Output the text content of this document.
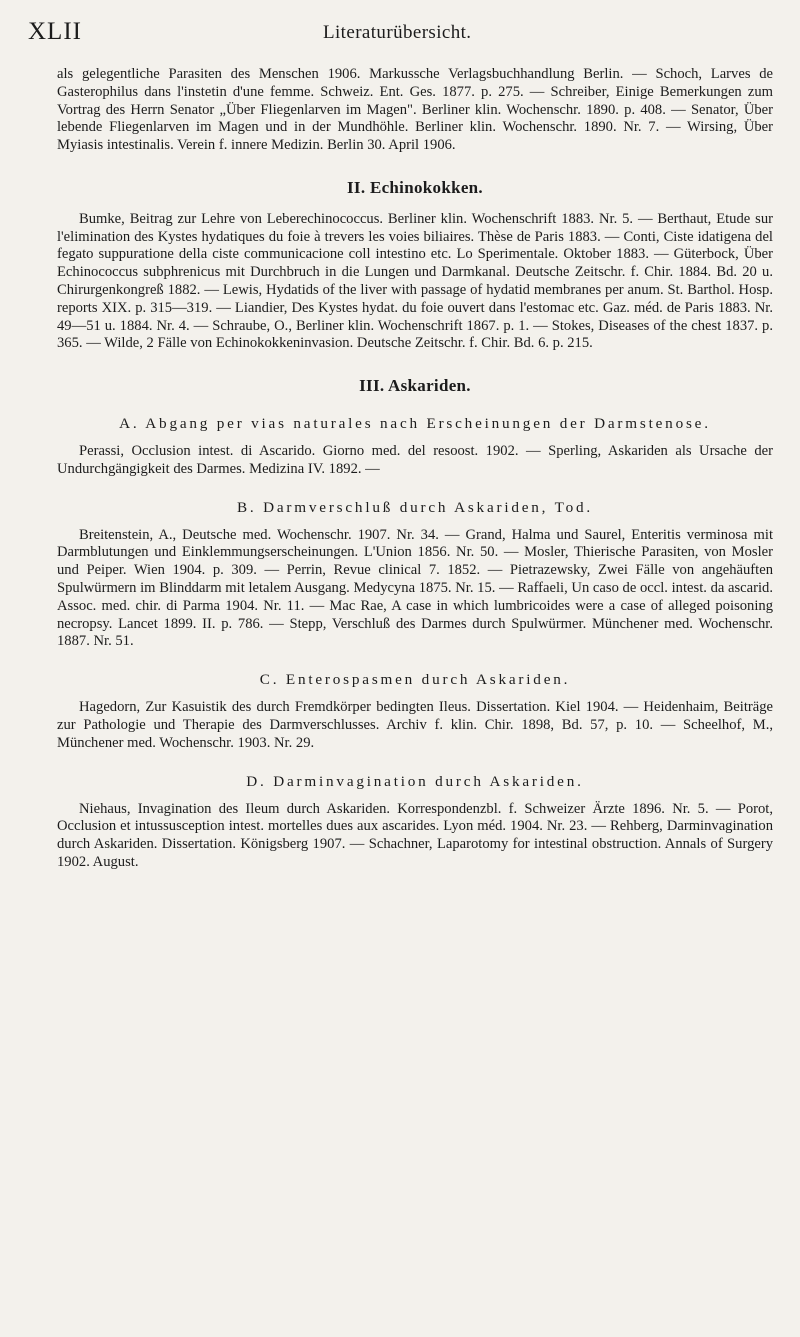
XLII	Literaturübersicht.

als gelegentliche Parasiten des Menschen 1906. Markussche Verlagsbuchhandlung Berlin. — Schoch, Larves de Gasterophilus dans l'instetin d'une femme. Schweiz. Ent. Ges. 1877. p. 275. — Schreiber, Einige Bemerkungen zum Vortrag des Herrn Senator „Über Fliegenlarven im Magen". Berliner klin. Wochenschr. 1890. p. 408. — Senator, Über lebende Fliegenlarven im Magen und in der Mundhöhle. Berliner klin. Wochenschr. 1890. Nr. 7. — Wirsing, Über Myiasis intestinalis. Verein f. innere Medizin. Berlin 30. April 1906.

II. Echinokokken.

Bumke, Beitrag zur Lehre von Leberechinococcus. Berliner klin. Wochenschrift 1883. Nr. 5. — Berthaut, Etude sur l'elimination des Kystes hydatiques du foie à trevers les voies biliaires. Thèse de Paris 1883. — Conti, Ciste idatigena del fegato suppuratione della ciste communicacione coll intestino etc. Lo Sperimentale. Oktober 1883. — Güterbock, Über Echinococcus subphrenicus mit Durchbruch in die Lungen und Darmkanal. Deutsche Zeitschr. f. Chir. 1884. Bd. 20 u. Chirurgenkongreß 1882. — Lewis, Hydatids of the liver with passage of hydatid membranes per anum. St. Barthol. Hosp. reports XIX. p. 315—319. — Liandier, Des Kystes hydat. du foie ouvert dans l'estomac etc. Gaz. méd. de Paris 1883. Nr. 49—51 u. 1884. Nr. 4. — Schraube, O., Berliner klin. Wochenschrift 1867. p. 1. — Stokes, Diseases of the chest 1837. p. 365. — Wilde, 2 Fälle von Echinokokkeninvasion. Deutsche Zeitschr. f. Chir. Bd. 6. p. 215.

III. Askariden.
A. Abgang per vias naturales nach Erscheinungen der Darmstenose.

Perassi, Occlusion intest. di Ascarido. Giorno med. del resoost. 1902. — Sperling, Askariden als Ursache der Undurchgängigkeit des Darmes. Medizina IV. 1892. —

B. Darmverschluß durch Askariden, Tod.

Breitenstein, A., Deutsche med. Wochenschr. 1907. Nr. 34. — Grand, Halma und Saurel, Enteritis verminosa mit Darmblutungen und Einklemmungserscheinungen. L'Union 1856. Nr. 50. — Mosler, Thierische Parasiten, von Mosler und Peiper. Wien 1904. p. 309. — Perrin, Revue clinical 7. 1852. — Pietrazewsky, Zwei Fälle von angehäuften Spulwürmern im Blinddarm mit letalem Ausgang. Medycyna 1875. Nr. 15. — Raffaeli, Un caso de occl. intest. da ascarid. Assoc. med. chir. di Parma 1904. Nr. 11. — Mac Rae, A case in which lumbricoides were a case of alleged poisoning necropsy. Lancet 1899. II. p. 786. — Stepp, Verschluß des Darmes durch Spulwürmer. Münchener med. Wochenschr. 1887. Nr. 51.

C. Enterospasmen durch Askariden.

Hagedorn, Zur Kasuistik des durch Fremdkörper bedingten Ileus. Dissertation. Kiel 1904. — Heidenhaim, Beiträge zur Pathologie und Therapie des Darmverschlusses. Archiv f. klin. Chir. 1898, Bd. 57, p. 10. — Scheelhof, M., Münchener med. Wochenschr. 1903. Nr. 29.

D. Darminvagination durch Askariden.

Niehaus, Invagination des Ileum durch Askariden. Korrespondenzbl. f. Schweizer Ärzte 1896. Nr. 5. — Porot, Occlusion et intussusception intest. mortelles dues aux ascarides. Lyon méd. 1904. Nr. 23. — Rehberg, Darminvagination durch Askariden. Dissertation. Königsberg 1907. — Schachner, Laparotomy for intestinal obstruction. Annals of Surgery 1902. August.
